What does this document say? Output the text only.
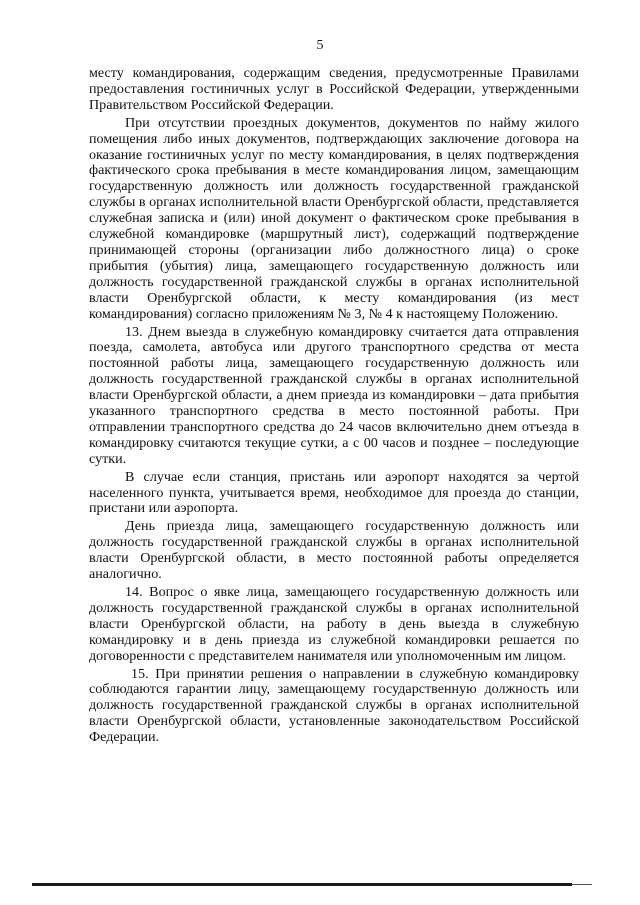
5

месту командирования, содержащим сведения, предусмотренные Правилами предоставления гостиничных услуг в Российской Федерации, утвержденными Правительством Российской Федерации.

При отсутствии проездных документов, документов по найму жилого помещения либо иных документов, подтверждающих заключение договора на оказание гостиничных услуг по месту командирования, в целях подтверждения фактического срока пребывания в месте командирования лицом, замещающим государственную должность или должность государственной гражданской службы в органах исполнительной власти Оренбургской области, представляется служебная записка и (или) иной документ о фактическом сроке пребывания в служебной командировке (маршрутный лист), содержащий подтверждение принимающей стороны (организации либо должностного лица) о сроке прибытия (убытия) лица, замещающего государственную должность или должность государственной гражданской службы в органах исполнительной власти Оренбургской области, к месту командирования (из мест командирования) согласно приложениям № 3, № 4 к настоящему Положению.

13. Днем выезда в служебную командировку считается дата отправления поезда, самолета, автобуса или другого транспортного средства от места постоянной работы лица, замещающего государственную должность или должность государственной гражданской службы в органах исполнительной власти Оренбургской области, а днем приезда из командировки – дата прибытия указанного транспортного средства в место постоянной работы. При отправлении транспортного средства до 24 часов включительно днем отъезда в командировку считаются текущие сутки, а с 00 часов и позднее – последующие сутки.

В случае если станция, пристань или аэропорт находятся за чертой населенного пункта, учитывается время, необходимое для проезда до станции, пристани или аэропорта.

День приезда лица, замещающего государственную должность или должность государственной гражданской службы в органах исполнительной власти Оренбургской области, в место постоянной работы определяется аналогично.

14. Вопрос о явке лица, замещающего государственную должность или должность государственной гражданской службы в органах исполнительной власти Оренбургской области, на работу в день выезда в служебную командировку и в день приезда из служебной командировки решается по договоренности с представителем нанимателя или уполномоченным им лицом.

15. При принятии решения о направлении в служебную командировку соблюдаются гарантии лицу, замещающему государственную должность или должность государственной гражданской службы в органах исполнительной власти Оренбургской области, установленные законодательством Российской Федерации.
